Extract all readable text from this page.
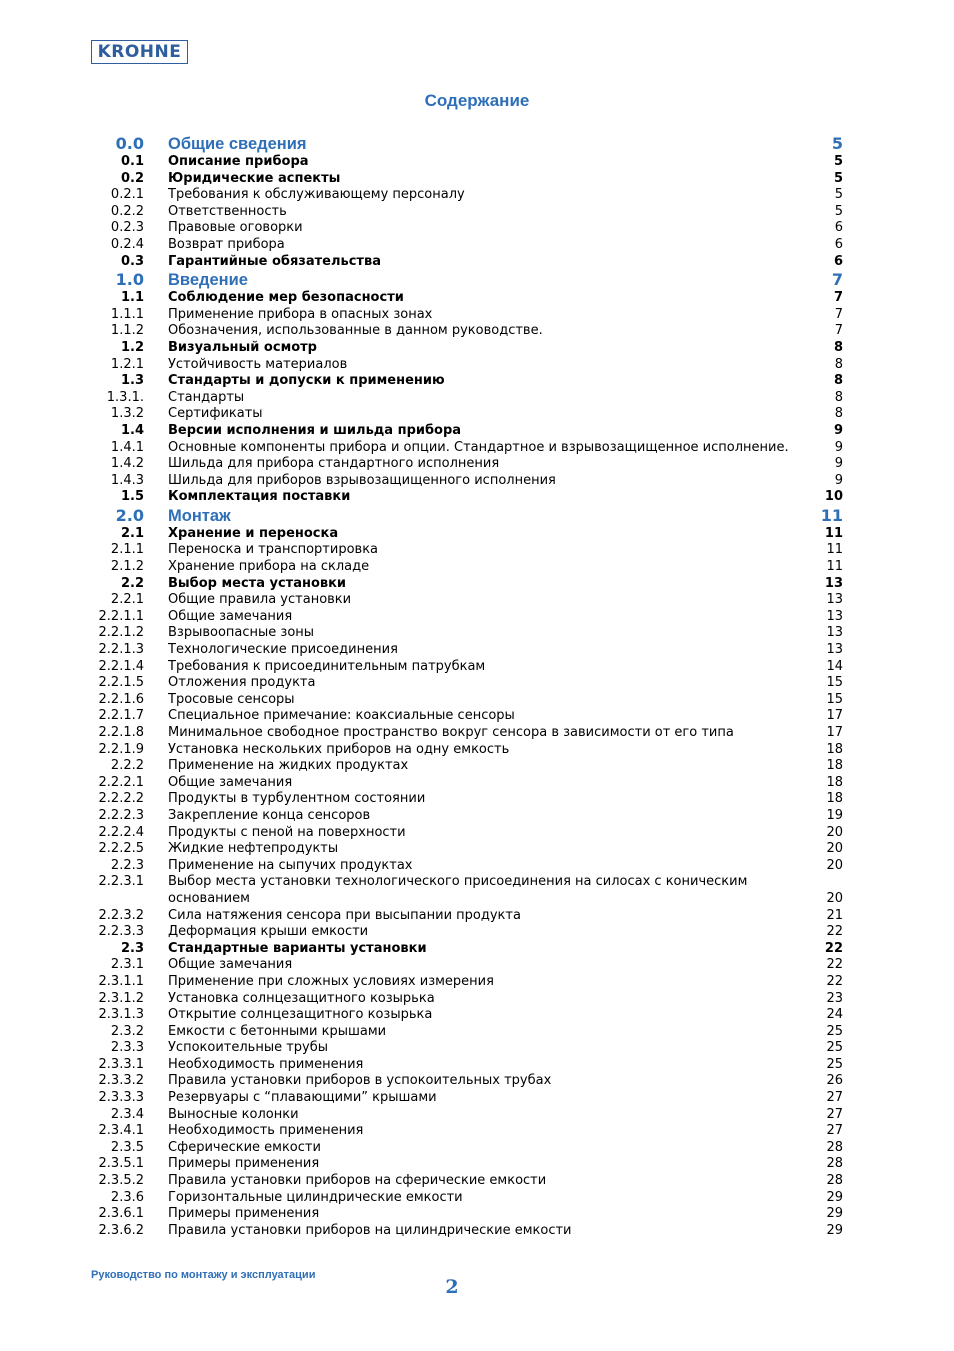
KROHNE
Содержание
0.0 Общие сведения	5
0.1 Описание прибора	5
0.2 Юридические аспекты	5
0.2.1 Требования к обслуживающему персоналу	5
0.2.2 Ответственность	5
0.2.3 Правовые оговорки	6
0.2.4 Возврат прибора	6
0.3 Гарантийные обязательства	6
1.0 Введение	7
1.1 Соблюдение мер безопасности	7
1.1.1 Применение прибора в опасных зонах	7
1.1.2 Обозначения, использованные в данном руководстве.	7
1.2 Визуальный осмотр	8
1.2.1 Устойчивость материалов	8
1.3 Стандарты и допуски к применению	8
1.3.1. Стандарты	8
1.3.2 Сертификаты	8
1.4 Версии исполнения и шильда прибора	9
1.4.1 Основные компоненты прибора и опции. Стандартное и взрывозащищенное исполнение.	9
1.4.2 Шильда для прибора стандартного исполнения	9
1.4.3 Шильда для приборов взрывозащищенного исполнения	9
1.5 Комплектация поставки	10
2.0 Монтаж	11
2.1 Хранение и переноска	11
2.1.1 Переноска и транспортировка	11
2.1.2 Хранение прибора на складе	11
2.2 Выбор места установки	13
2.2.1 Общие правила установки	13
2.2.1.1 Общие замечания	13
2.2.1.2 Взрывоопасные зоны	13
2.2.1.3 Технологические присоединения	13
2.2.1.4 Требования к присоединительным патрубкам	14
2.2.1.5 Отложения продукта	15
2.2.1.6 Тросовые сенсоры	15
2.2.1.7 Специальное примечание: коаксиальные сенсоры	17
2.2.1.8 Минимальное свободное пространство вокруг сенсора в зависимости от его типа	17
2.2.1.9 Установка нескольких приборов на одну емкость	18
2.2.2 Применение на жидких продуктах	18
2.2.2.1 Общие замечания	18
2.2.2.2 Продукты в турбулентном состоянии	18
2.2.2.3 Закрепление конца сенсоров	19
2.2.2.4 Продукты с пеной на поверхности	20
2.2.2.5 Жидкие нефтепродукты	20
2.2.3 Применение на сыпучих продуктах	20
2.2.3.1 Выбор места установки технологического присоединения на силосах с коническим основанием	20
2.2.3.2 Сила натяжения сенсора при высыпании продукта	21
2.2.3.3 Деформация крыши емкости	22
2.3 Стандартные варианты установки	22
2.3.1 Общие замечания	22
2.3.1.1 Применение при сложных условиях измерения	22
2.3.1.2 Установка солнцезащитного козырька	23
2.3.1.3 Открытие солнцезащитного козырька	24
2.3.2 Емкости с бетонными крышами	25
2.3.3 Успокоительные трубы	25
2.3.3.1 Необходимость применения	25
2.3.3.2 Правила установки приборов в успокоительных трубах	26
2.3.3.3 Резервуары с “плавающими” крышами	27
2.3.4 Выносные колонки	27
2.3.4.1 Необходимость применения	27
2.3.5 Сферические емкости	28
2.3.5.1 Примеры применения	28
2.3.5.2 Правила установки приборов на сферические емкости	28
2.3.6 Горизонтальные цилиндрические емкости	29
2.3.6.1 Примеры применения	29
2.3.6.2 Правила установки приборов на цилиндрические емкости	29
Руководство по монтажу и эксплуатации
2
